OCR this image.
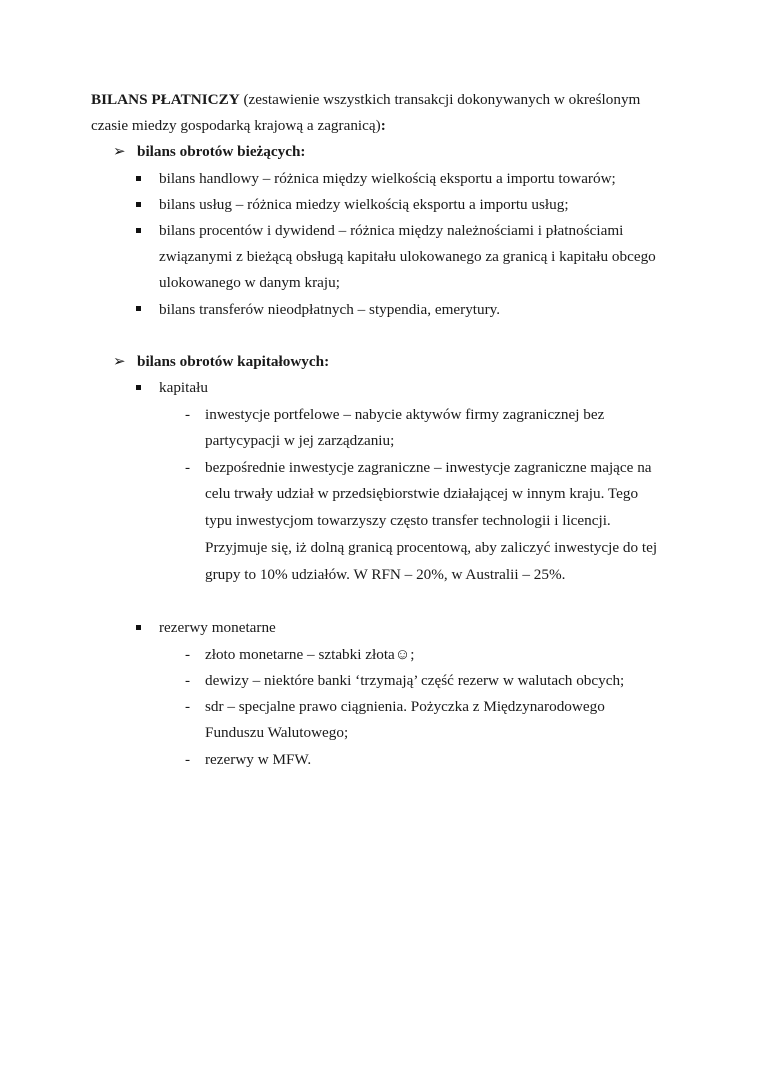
BILANS PŁATNICZY (zestawienie wszystkich transakcji dokonywanych w określonym
czasie miedzy gospodarką krajową a zagranicą):
➢ bilans obrotów bieżących:
bilans handlowy – różnica między wielkością eksportu a importu towarów;
bilans usług – różnica miedzy wielkością eksportu a importu usług;
bilans procentów i dywidend – różnica między należnościami i płatnościami
związanymi z bieżącą obsługą kapitału ulokowanego za granicą i kapitału obcego
ulokowanego w danym kraju;
bilans transferów nieodpłatnych – stypendia, emerytury.
➢ bilans obrotów kapitałowych:
kapitału
- inwestycje portfelowe – nabycie aktywów firmy zagranicznej bez
partycypacji w jej zarządzaniu;
- bezpośrednie inwestycje zagraniczne – inwestycje zagraniczne mające na
celu trwały udział w przedsiębiorstwie działającej w innym kraju. Tego
typu inwestycjom towarzyszy często transfer technologii i licencji.
Przyjmuje się, iż dolną granicą procentową, aby zaliczyć inwestycje do tej
grupy to 10% udziałów. W RFN – 20%, w Australii – 25%.
rezerwy monetarne
- złoto monetarne – sztabki złota☺;
- dewizy – niektóre banki ‘trzymają’ część rezerw w walutach obcych;
- sdr – specjalne prawo ciągnienia. Pożyczka z Międzynarodowego
Funduszu Walutowego;
- rezerwy w MFW.
